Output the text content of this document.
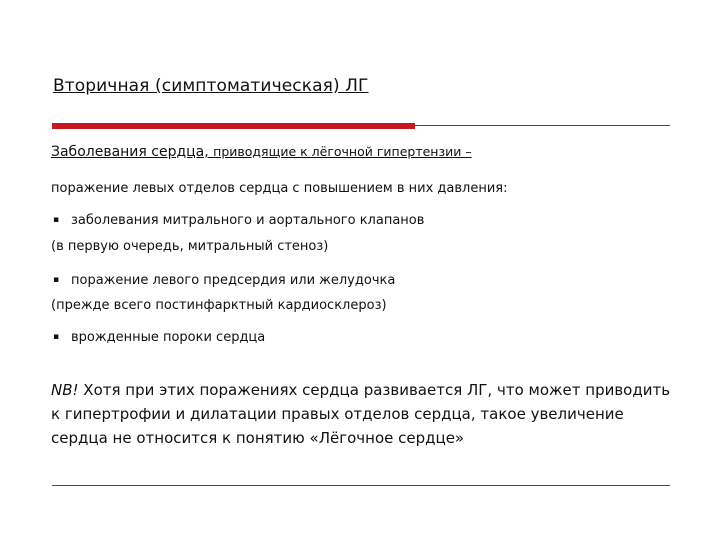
Вторичная (симптоматическая) ЛГ
Заболевания сердца, приводящие к лёгочной гипертензии –
поражение левых отделов сердца с повышением в них давления:
▪ заболевания митрального и аортального клапанов
(в первую очередь, митральный стеноз)
▪ поражение левого предсердия или желудочка
(прежде всего постинфарктный кардиосклероз)
▪ врожденные пороки сердца
NB! Хотя при этих поражениях сердца развивается ЛГ, что может приводить к гипертрофии и дилатации правых отделов сердца, такое увеличение сердца не относится к понятию «Лёгочное сердце»
